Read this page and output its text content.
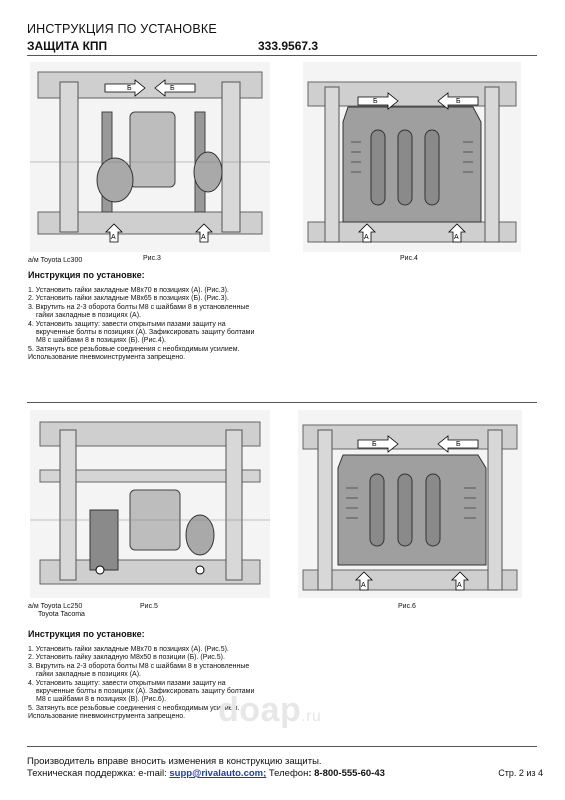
ИНСТРУКЦИЯ ПО УСТАНОВКЕ
ЗАЩИТА КПП	333.9567.3
Б	Б
А	А
а/м Toyota Lc300	Рис.3
Б	Б
А	А
Рис.4
Инструкция по установке:
1. Установить гайки закладные М8х70 в позициях (А). (Рис.3).
2. Установить гайки закладные М8х65 в позициях (Б). (Рис.3).
3. Вкрутить на 2-3 оборота болты М8 с шайбами 8 в установленные
гайки закладные в позициях (А).
4. Установить защиту: завести открытыми пазами защиту на
вкрученные болты в позициях (А). Зафиксировать защиту болтами
М8 с шайбами 8 в позициях (Б). (Рис.4).
5. Затянуть все резьбовые соединения с необходимым усилием.
Использование пневмоинструмента запрещено.
а/м Toyota Lc250
Toyota Tacoma
Рис.5
Б	Б
А	А
Рис.6
Инструкция по установке:
1. Установить гайки закладные М8х70 в позициях (А). (Рис.5).
2. Установить гайку закладную М8х50 в позиции (Б). (Рис.5).
3. Вкрутить на 2-3 оборота болты М8 с шайбами 8 в установленные
гайки закладные в позициях (А).
4. Установить защиту: завести открытыми пазами защиту на
вкрученные болты в позициях (А). Зафиксировать защиту болтами
М8 с шайбами 8 в позициях (В). (Рис.6).
5. Затянуть все резьбовые соединения с необходимым усилием.
Использование пневмоинструмента запрещено. doap.ru
Производитель вправе вносить изменения в конструкцию защиты.
Техническая поддержка: e-mail: supp@rivalauto.com; Телефон: 8-800-555-60-43	Стр. 2 из 4
